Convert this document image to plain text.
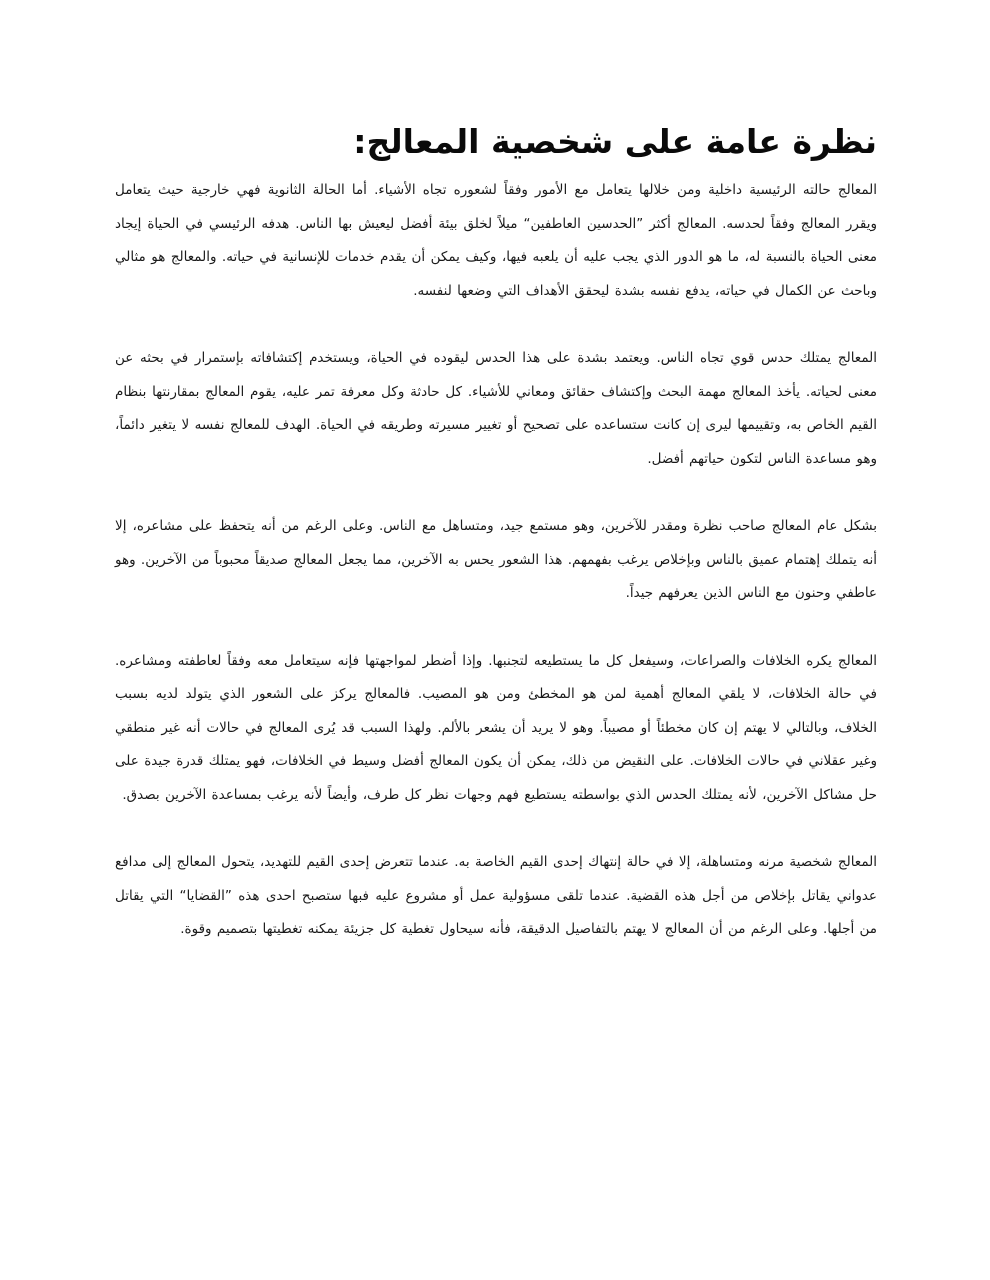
نظرة عامة على شخصية المعالج:

المعالج حالته الرئيسية داخلية ومن خلالها يتعامل مع الأمور وفقاً لشعوره تجاه الأشياء. أما الحالة الثانوية فهي خارجية حيث يتعامل ويقرر المعالج وفقاً لحدسه. المعالج أكثر ”الحدسين العاطفين“ ميلاً لخلق بيئة أفضل ليعيش بها الناس. هدفه الرئيسي في الحياة إيجاد معنى الحياة بالنسبة له، ما هو الدور الذي يجب عليه أن يلعبه فيها، وكيف يمكن أن يقدم خدمات للإنسانية في حياته. والمعالج هو مثالي وباحث عن الكمال في حياته، يدفع نفسه بشدة ليحقق الأهداف التي وضعها لنفسه.

المعالج يمتلك حدس قوي تجاه الناس. ويعتمد بشدة على هذا الحدس ليقوده في الحياة، ويستخدم إكتشافاته بإستمرار في بحثه عن معنى لحياته. يأخذ المعالج مهمة البحث وإكتشاف حقائق ومعاني للأشياء. كل حادثة وكل معرفة تمر عليه، يقوم المعالج بمقارنتها بنظام القيم الخاص به، وتقييمها ليرى إن كانت ستساعده على تصحيح أو تغيير مسيرته وطريقه في الحياة. الهدف للمعالج نفسه لا يتغير دائماً، وهو مساعدة الناس لتكون حياتهم أفضل.

بشكل عام المعالج صاحب نظرة ومقدر للآخرين، وهو مستمع جيد، ومتساهل مع الناس. وعلى الرغم من أنه يتحفظ على مشاعره، إلا أنه يتملك إهتمام عميق بالناس وبإخلاص يرغب بفهمهم. هذا الشعور يحس به الآخرين، مما يجعل المعالج صديقاً محبوباً من الآخرين. وهو عاطفي وحنون مع الناس الذين يعرفهم جيداً.

المعالج يكره الخلافات والصراعات، وسيفعل كل ما يستطيعه لتجنبها. وإذا أضطر لمواجهتها فإنه سيتعامل معه وفقاً لعاطفته ومشاعره. في حالة الخلافات، لا يلقي المعالج أهمية لمن هو المخطئ ومن هو المصيب. فالمعالج يركز على الشعور الذي يتولد لديه بسبب الخلاف، وبالتالي لا يهتم إن كان مخطئاً أو مصيباً. وهو لا يريد أن يشعر بالألم. ولهذا السبب قد يُرى المعالج في حالات أنه غير منطقي وغير عقلاني في حالات الخلافات. على النقيض من ذلك، يمكن أن يكون المعالج أفضل وسيط في الخلافات، فهو يمتلك قدرة جيدة على حل مشاكل الآخرين، لأنه يمتلك الحدس الذي بواسطته يستطيع فهم وجهات نظر كل طرف، وأيضاً لأنه يرغب بمساعدة الآخرين بصدق.

المعالج شخصية مرنه ومتساهلة، إلا في حالة إنتهاك إحدى القيم الخاصة به. عندما تتعرض إحدى القيم للتهديد، يتحول المعالج إلى مدافع عدواني يقاتل بإخلاص من أجل هذه القضية. عندما تلقى مسؤولية عمل أو مشروع عليه فبها ستصبح احدى هذه ”القضايا“ التي يقاتل من أجلها. وعلى الرغم من أن المعالج لا يهتم بالتفاصيل الدقيقة، فأنه سيحاول تغطية كل جزيئة يمكنه تغطيتها بتصميم وقوة.
